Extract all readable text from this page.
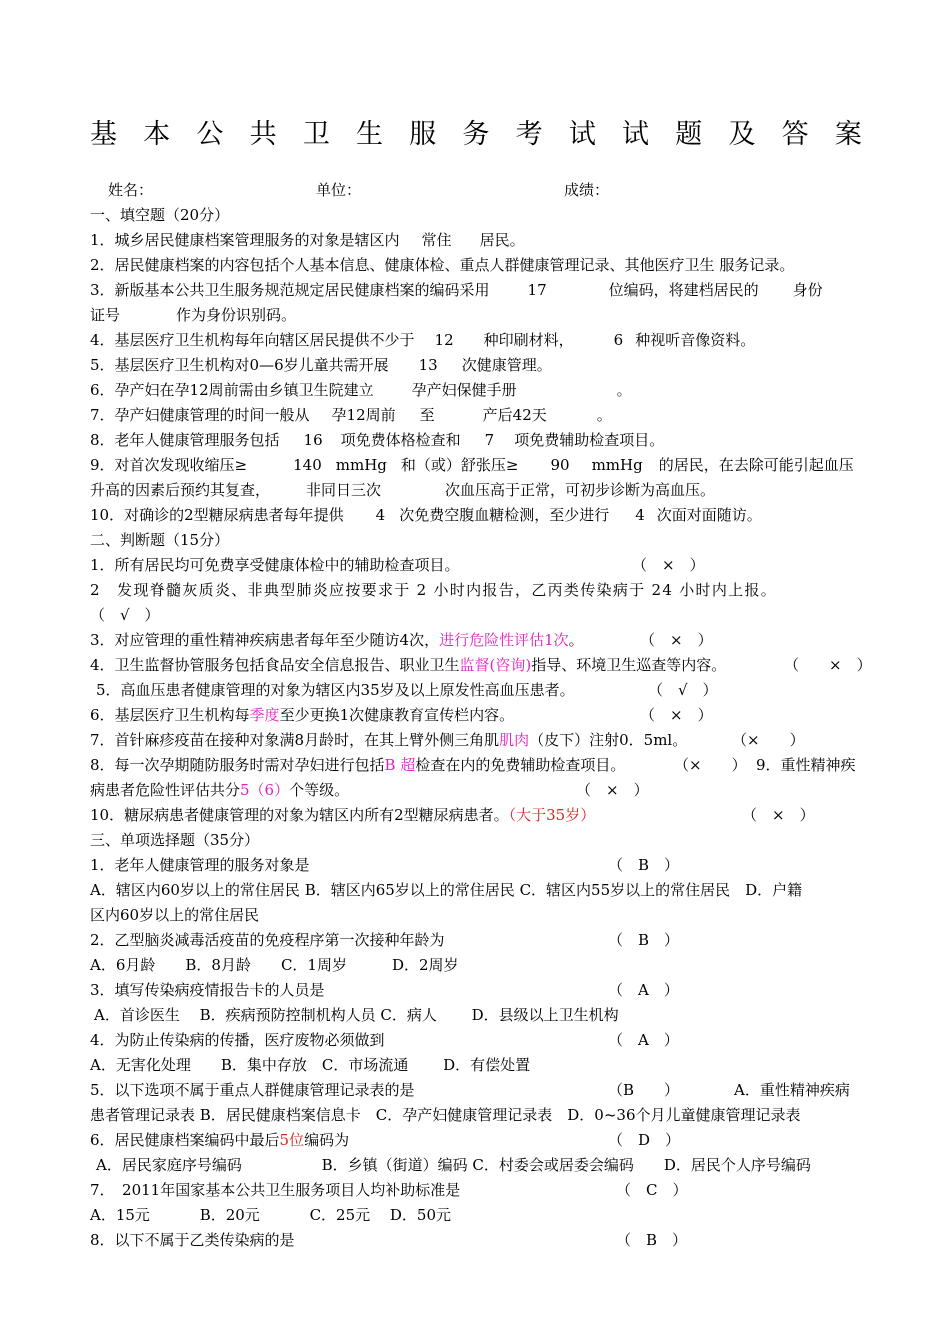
基 本 公 共 卫 生 服 务 考 试 试 题 及 答 案
姓名：	单位：	成绩：
一、填空题（20分）
1．城乡居民健康档案管理服务的对象是辖区内 常住 居民。
2．居民健康档案的内容包括个人基本信息、健康体检、重点人群健康管理记录、其他医疗卫生 服务记录。
3．新版基本公共卫生服务规范规定居民健康档案的编码采用	17	位编码，将建档居民的 身份
证号	作为身份识别码。
4．基层医疗卫生机构每年向辖区居民提供不少于 12 种印刷材料，	6 种视听音像资料。
5．基层医疗卫生机构对0—6岁儿童共需开展 13 次健康管理。
6．孕产妇在孕12周前需由乡镇卫生院建立	孕产妇保健手册	。
7．孕产妇健康管理的时间一般从 孕12周前 至	产后42天	。
8．老年人健康管理服务包括 16 项免费体格检查和 7 项免费辅助检查项目。
9．对首次发现收缩压≥	140 mmHg 和（或）舒张压≥ 90 mmHg 的居民，在去除可能引起血压
升高的因素后预约其复查， 非同日三次	次血压高于正常，可初步诊断为高血压。
10．对确诊的2型糖尿病患者每年提供 4 次免费空腹血糖检测，至少进行 4 次面对面随访。
二、判断题（15分）
1．所有居民均可免费享受健康体检中的辅助检查项目。	（　×　）
2　发现脊髓灰质炎、非典型肺炎应按要求于 2 小时内报告，乙丙类传染病于 24 小时内上报。
（　√　）
3．对应管理的重性精神疾病患者每年至少随访4次，进行危险性评估1次。	（　×　）
4．卫生监督协管服务包括食品安全信息报告、职业卫生监督(咨询)指导、环境卫生巡查等内容。	（　　×　）
5．高血压患者健康管理的对象为辖区内35岁及以上原发性高血压患者。	（　√　）
6．基层医疗卫生机构每季度至少更换1次健康教育宣传栏内容。	（　×　）
7．首针麻疹疫苗在接种对象满8月龄时，在其上臂外侧三角肌肌肉（皮下）注射0．5ml。	（×　　）
8．每一次孕期随防服务时需对孕妇进行包括B 超检查在内的免费辅助检查项目。	（×　　） 9．重性精神疾
病患者危险性评估共分5（6）个等级。	（　×　）
10．糖尿病患者健康管理的对象为辖区内所有2型糖尿病患者。（大于35岁）	（　×　）
三、单项选择题（35分）
1．老年人健康管理的服务对象是	（　B　）
A．辖区内60岁以上的常住居民 B．辖区内65岁以上的常住居民 C．辖区内55岁以上的常住居民　D．户籍
区内60岁以上的常住居民
2．乙型脑炎减毒活疫苗的免疫程序第一次接种年龄为	（　B　）
A．6月龄　　B．8月龄　　C．1周岁　　　D．2周岁
3．填写传染病疫情报告卡的人员是	（　A　）
A．首诊医生　 B．疾病预防控制机构人员 C．病人　　 D．县级以上卫生机构
4．为防止传染病的传播，医疗废物必须做到	（　A　）
A．无害化处理　　B．集中存放　C．市场流通　　 D．有偿处置
5．以下选项不属于重点人群健康管理记录表的是	（B　　）	A．重性精神疾病
患者管理记录表 B．居民健康档案信息卡　C．孕产妇健康管理记录表　D．0~36个月儿童健康管理记录表
6．居民健康档案编码中最后5位编码为	（　D　）
A．居民家庭序号编码　　　　　 B．乡镇（街道）编码 C．村委会或居委会编码　　D．居民个人序号编码
7．　2011年国家基本公共卫生服务项目人均补助标准是	（　C　）
A．15元　　　 B．20元　　　 C．25元　 D．50元
8．以下不属于乙类传染病的是	（　B　）
